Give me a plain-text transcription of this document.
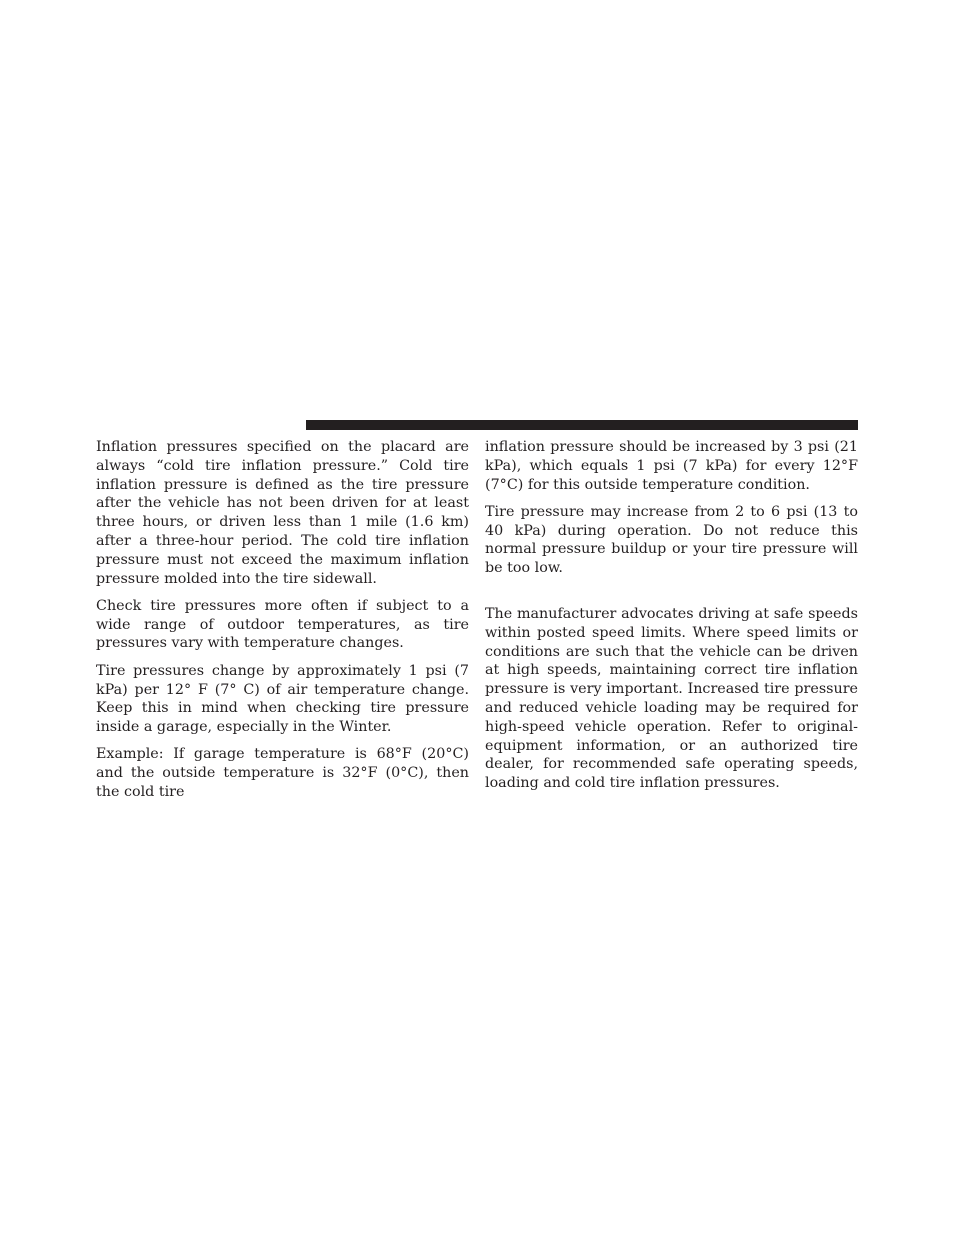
Inflation pressures specified on the placard are always “cold tire inflation pressure.” Cold tire inflation pressure is defined as the tire pressure after the vehicle has not been driven for at least three hours, or driven less than 1 mile (1.6 km) after a three-hour period. The cold tire inflation pressure must not exceed the maximum inflation pressure molded into the tire sidewall.

Check tire pressures more often if subject to a wide range of outdoor temperatures, as tire pressures vary with temperature changes.

Tire pressures change by approximately 1 psi (7 kPa) per 12° F (7° C) of air temperature change. Keep this in mind when checking tire pressure inside a garage, especially in the Winter.

Example: If garage temperature is 68°F (20°C) and the outside temperature is 32°F (0°C), then the cold tire

inflation pressure should be increased by 3 psi (21 kPa), which equals 1 psi (7 kPa) for every 12°F (7°C) for this outside temperature condition.

Tire pressure may increase from 2 to 6 psi (13 to 40 kPa) during operation. Do not reduce this normal pressure buildup or your tire pressure will be too low.

The manufacturer advocates driving at safe speeds within posted speed limits. Where speed limits or conditions are such that the vehicle can be driven at high speeds, maintaining correct tire inflation pressure is very important. Increased tire pressure and reduced vehicle loading may be required for high-speed vehicle operation. Refer to original-equipment information, or an authorized tire dealer, for recommended safe operating speeds, loading and cold tire inflation pressures.
